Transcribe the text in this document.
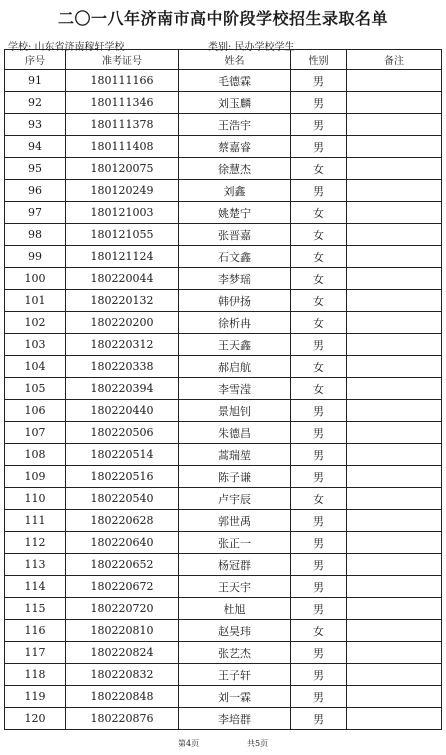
二〇一八年济南市高中阶段学校招生录取名单
学校: 山东省济南稼轩学校	类别: 民办学校学生
序号	准考证号	姓名	性别	备注
91	180111166	毛德霖	男	
92	180111346	刘玉麟	男	
93	180111378	王浩宇	男	
94	180111408	蔡嘉睿	男	
95	180120075	徐慧杰	女	
96	180120249	刘鑫	男	
97	180121003	姚楚宁	女	
98	180121055	张晋嘉	女	
99	180121124	石文鑫	女	
100	180220044	李梦瑶	女	
101	180220132	韩伊扬	女	
102	180220200	徐析冉	女	
103	180220312	王天鑫	男	
104	180220338	郝启航	女	
105	180220394	李雪滢	女	
106	180220440	景旭钊	男	
107	180220506	朱德昌	男	
108	180220514	蒿瑞堃	男	
109	180220516	陈子谦	男	
110	180220540	卢宇辰	女	
111	180220628	郭世禹	男	
112	180220640	张正一	男	
113	180220652	杨冠群	男	
114	180220672	王天宇	男	
115	180220720	杜旭	男	
116	180220810	赵昊玮	女	
117	180220824	张艺杰	男	
118	180220832	王子轩	男	
119	180220848	刘一霖	男	
120	180220876	李培群	男	
第4页	共5页
